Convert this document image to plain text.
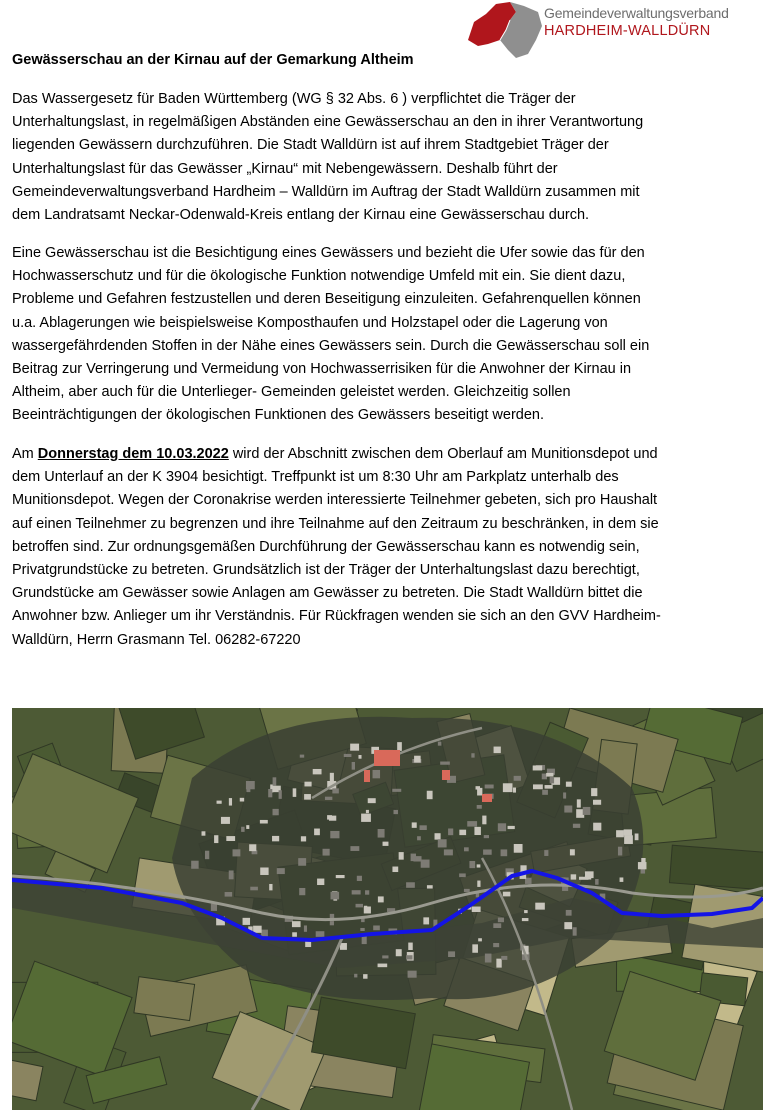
Gemeindeverwaltungsverband
HARDHEIM-WALLDÜRN
Gewässerschau an der Kirnau auf der Gemarkung Altheim
Das Wassergesetz für Baden Württemberg (WG § 32 Abs. 6 ) verpflichtet die Träger der
Unterhaltungslast, in regelmäßigen Abständen eine Gewässerschau an den in ihrer Verantwortung
liegenden Gewässern durchzuführen. Die Stadt Walldürn ist auf ihrem Stadtgebiet Träger der
Unterhaltungslast für das Gewässer „Kirnau“ mit Nebengewässern. Deshalb führt der
Gemeindeverwaltungsverband Hardheim – Walldürn im Auftrag der Stadt Walldürn zusammen mit
dem Landratsamt Neckar-Odenwald-Kreis entlang der Kirnau eine Gewässerschau durch.
Eine Gewässerschau ist die Besichtigung eines Gewässers und bezieht die Ufer sowie das für den
Hochwasserschutz und für die ökologische Funktion notwendige Umfeld mit ein. Sie dient dazu,
Probleme und Gefahren festzustellen und deren Beseitigung einzuleiten. Gefahrenquellen können
u.a. Ablagerungen wie beispielsweise Komposthaufen und Holzstapel oder die Lagerung von
wassergefährdenden Stoffen in der Nähe eines Gewässers sein. Durch die Gewässerschau soll ein
Beitrag zur Verringerung und Vermeidung von Hochwasserrisiken für die Anwohner der Kirnau in
Altheim, aber auch für die Unterlieger- Gemeinden geleistet werden. Gleichzeitig sollen
Beeinträchtigungen der ökologischen Funktionen des Gewässers beseitigt werden.
Am Donnerstag dem 10.03.2022 wird der Abschnitt zwischen dem Oberlauf am Munitionsdepot und
dem Unterlauf an der K 3904 besichtigt. Treffpunkt ist um 8:30 Uhr am Parkplatz unterhalb des
Munitionsdepot. Wegen der Coronakrise werden interessierte Teilnehmer gebeten, sich pro Haushalt
auf einen Teilnehmer zu begrenzen und ihre Teilnahme auf den Zeitraum zu beschränken, in dem sie
betroffen sind. Zur ordnungsgemäßen Durchführung der Gewässerschau kann es notwendig sein,
Privatgrundstücke zu betreten. Grundsätzlich ist der Träger der Unterhaltungslast dazu berechtigt,
Grundstücke am Gewässer sowie Anlagen am Gewässer zu betreten. Die Stadt Walldürn bittet die
Anwohner bzw. Anlieger um ihr Verständnis. Für Rückfragen wenden sie sich an den GVV Hardheim-
Walldürn, Herrn Grasmann Tel. 06282-67220
